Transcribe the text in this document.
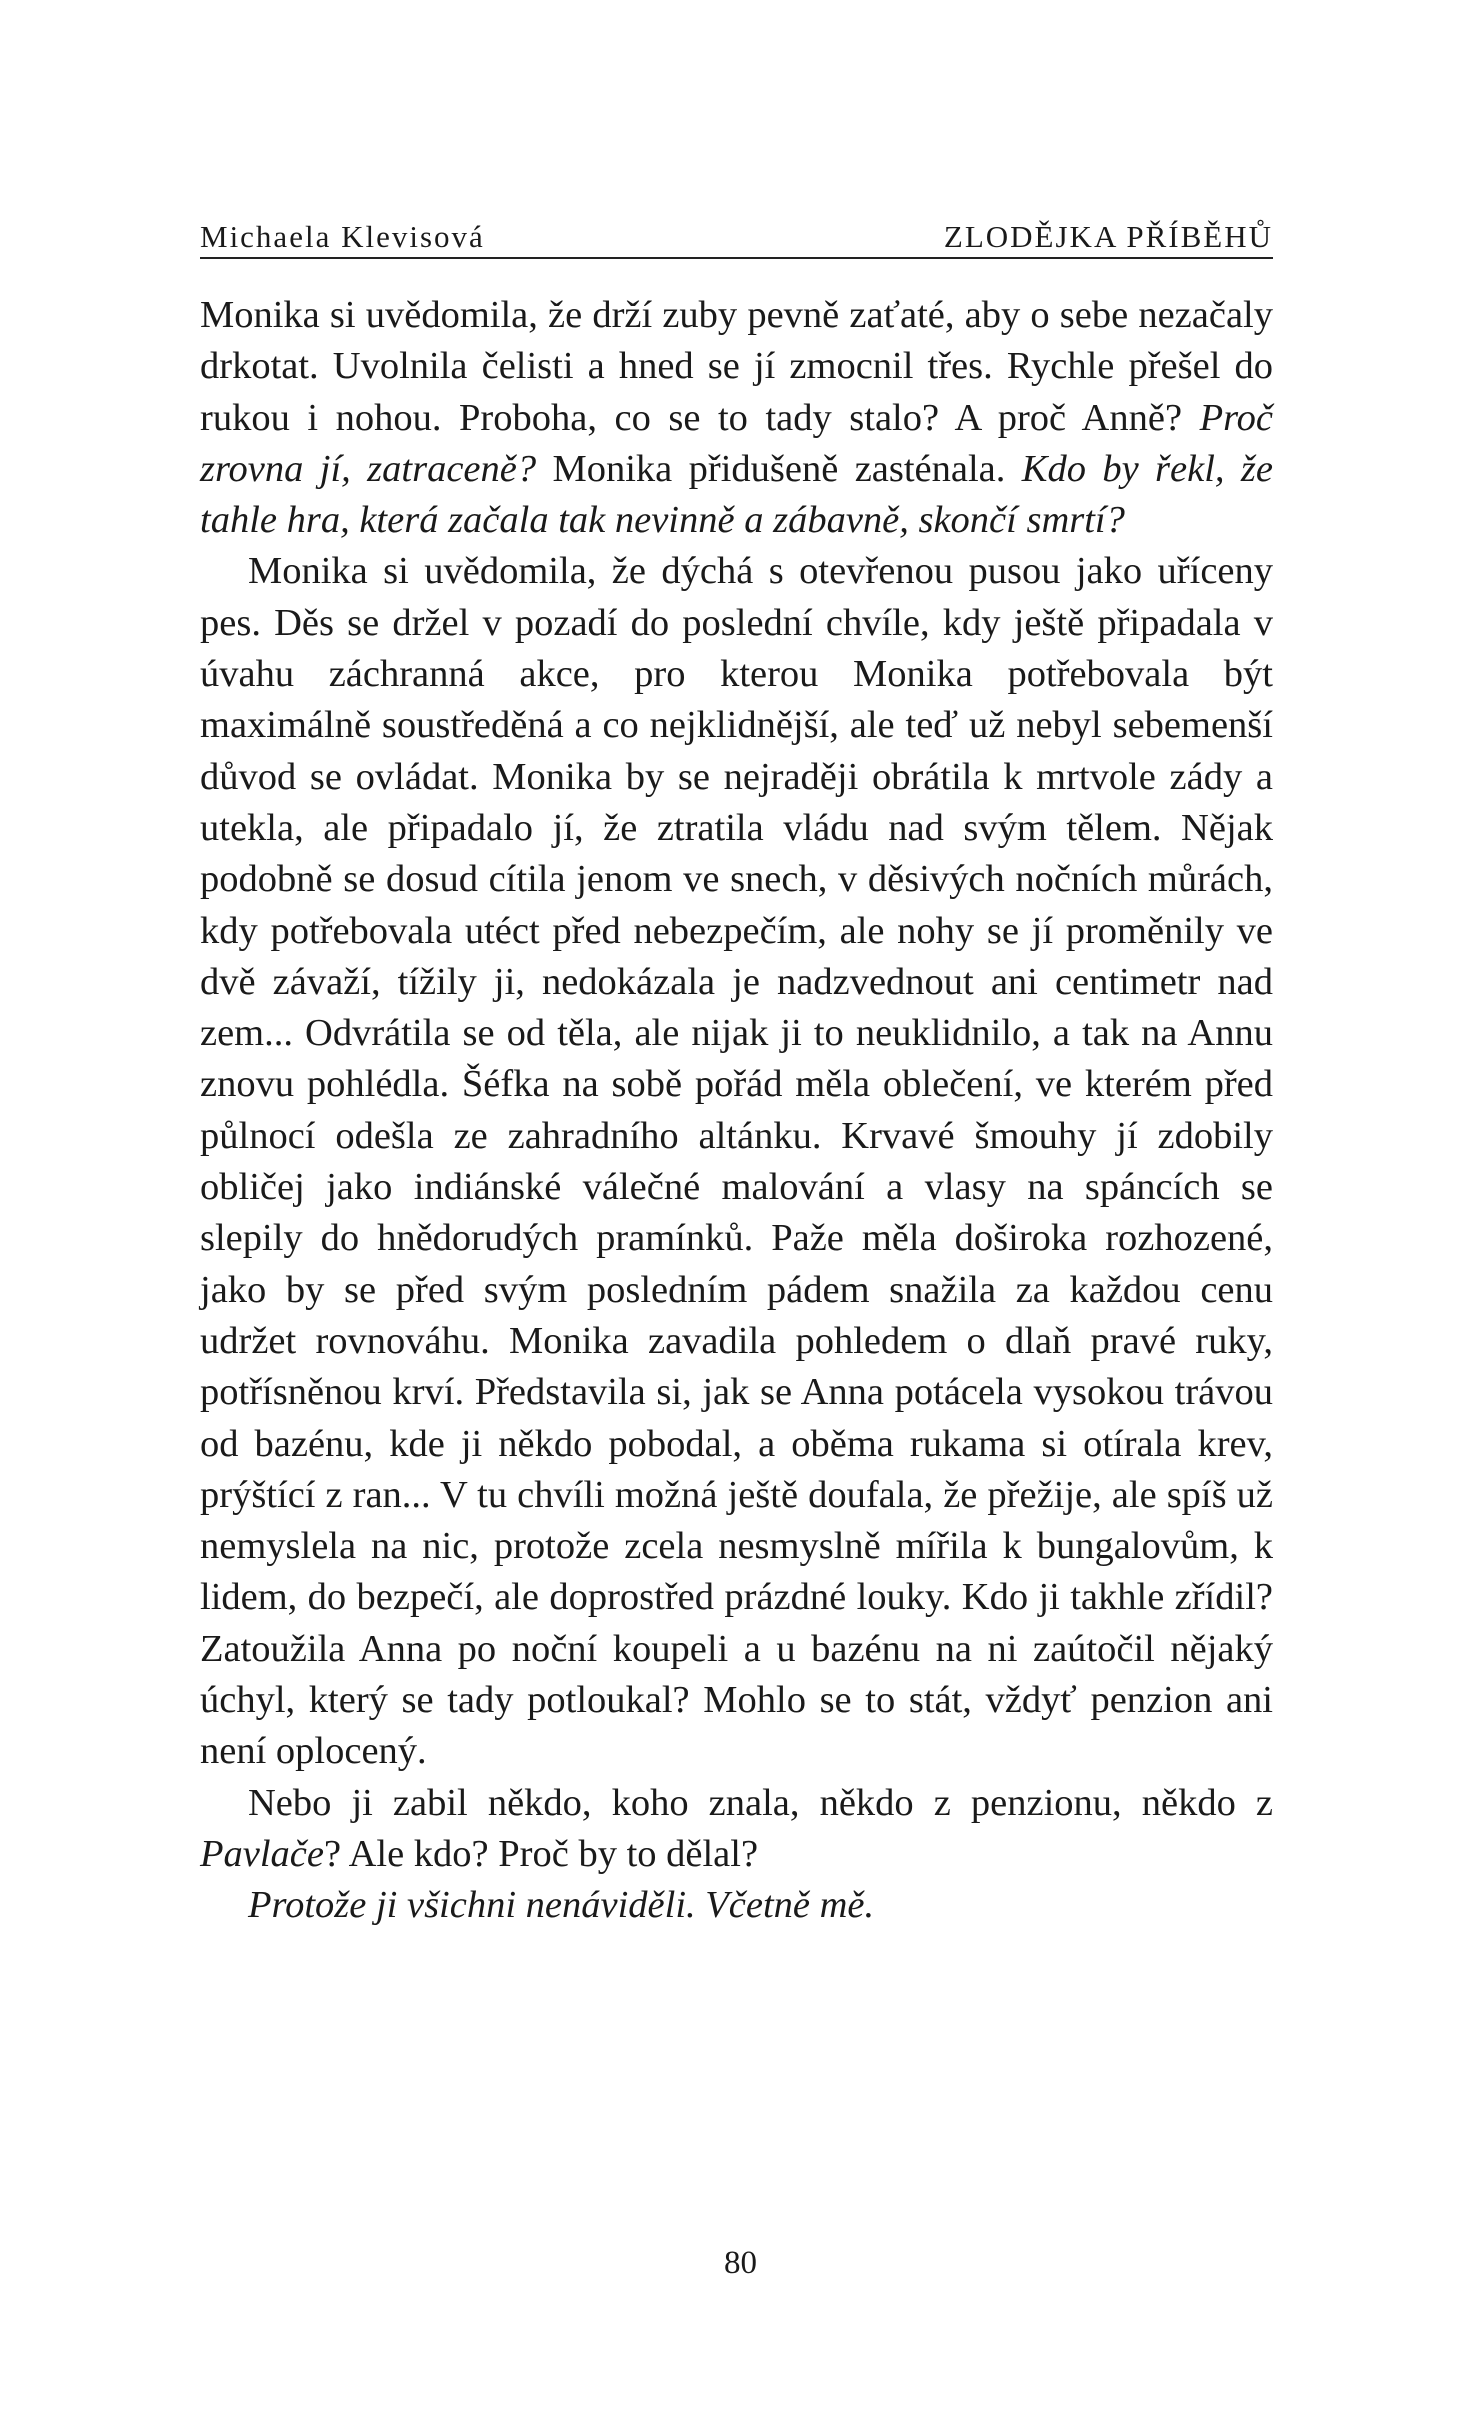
Michaela Klevisová	ZLODĚJKA PŘÍBĚHŮ

Monika si uvědomila, že drží zuby pevně zaťaté, aby o sebe nezačaly drkotat. Uvolnila čelisti a hned se jí zmocnil třes. Rychle přešel do rukou i nohou. Proboha, co se to tady stalo? A proč Anně? Proč zrovna jí, zatraceně? Monika přidušeně zasténala. Kdo by řekl, že tahle hra, která začala tak nevinně a zábavně, skončí smrtí?

Monika si uvědomila, že dýchá s otevřenou pusou jako uříceny pes. Děs se držel v pozadí do poslední chvíle, kdy ještě připadala v úvahu záchranná akce, pro kterou Monika potřebovala být maximálně soustředěná a co nejklidnější, ale teď už nebyl sebemenší důvod se ovládat. Monika by se nejraději obrátila k mrtvole zády a utekla, ale připadalo jí, že ztratila vládu nad svým tělem. Nějak podobně se dosud cítila jenom ve snech, v děsivých nočních můrách, kdy potřebovala utéct před nebezpečím, ale nohy se jí proměnily ve dvě závaží, tížily ji, nedokázala je nadzvednout ani centimetr nad zem... Odvrátila se od těla, ale nijak ji to neuklidnilo, a tak na Annu znovu pohlédla. Šéfka na sobě pořád měla oblečení, ve kterém před půlnocí odešla ze zahradního altánku. Krvavé šmouhy jí zdobily obličej jako indiánské válečné malování a vlasy na spáncích se slepily do hnědorudých pramínků. Paže měla doširoka rozhozené, jako by se před svým posledním pádem snažila za každou cenu udržet rovnováhu. Monika zavadila pohledem o dlaň pravé ruky, potřísněnou krví. Představila si, jak se Anna potácela vysokou trávou od bazénu, kde ji někdo pobodal, a oběma rukama si otírala krev, prýštící z ran... V tu chvíli možná ještě doufala, že přežije, ale spíš už nemyslela na nic, protože zcela nesmyslně mířila k bungalovům, k lidem, do bezpečí, ale doprostřed prázdné louky. Kdo ji takhle zřídil? Zatoužila Anna po noční koupeli a u bazénu na ni zaútočil nějaký úchyl, který se tady potloukal? Mohlo se to stát, vždyť penzion ani není oplocený.

Nebo ji zabil někdo, koho znala, někdo z penzionu, někdo z Pavlače? Ale kdo? Proč by to dělal?

Protože ji všichni nenáviděli. Včetně mě.

80
